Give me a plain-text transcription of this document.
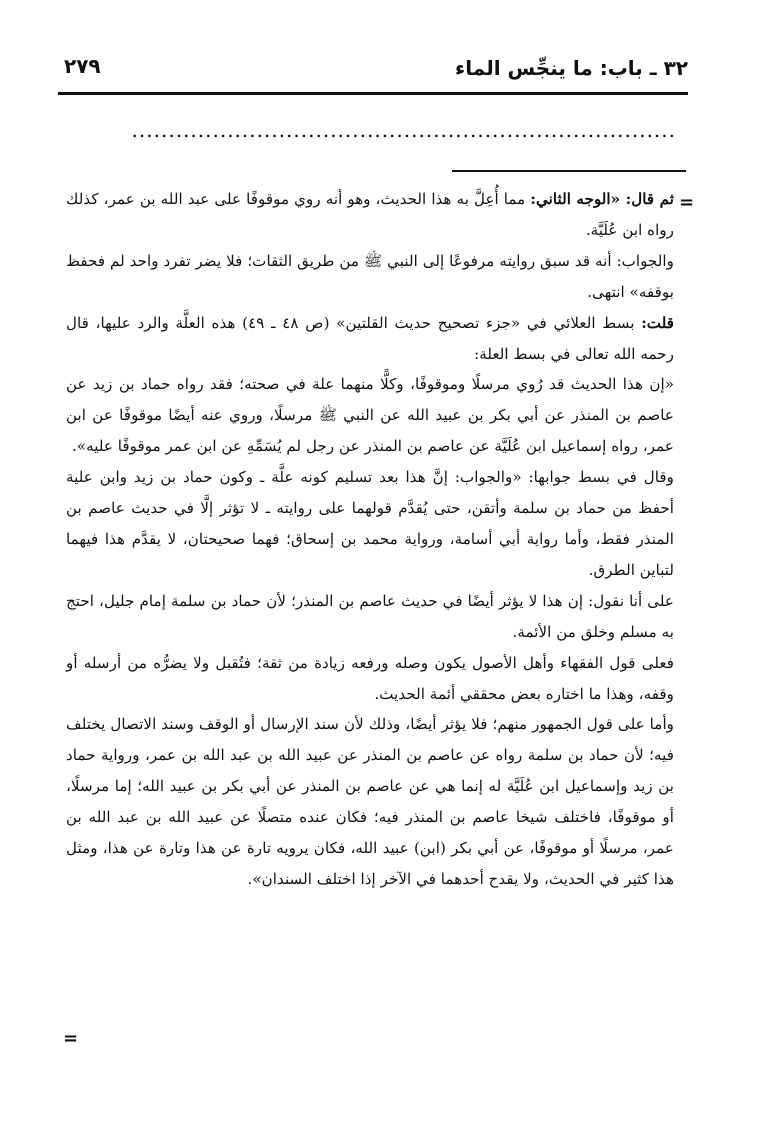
٣٢ ـ باب: ما ينجِّس الماء
٢٧٩
..........................................................................
=

ثم قال: «الوجه الثاني: مما أُعِلَّ به هذا الحديث، وهو أنه روي موقوفًا على عبد الله بن عمر، كذلك رواه ابن عُلَيَّة.

والجواب: أنه قد سبق روايته مرفوعًا إلى النبي ﷺ من طريق الثقات؛ فلا يضر تفرد واحد لم فحفظ بوقفه» انتهى.

قلت: بسط العلائي في «جزء تصحيح حديث القلتين» (ص ٤٨ ـ ٤٩) هذه العلَّة والرد عليها، قال رحمه الله تعالى في بسط العلة:

«إن هذا الحديث قد رُوي مرسلًا وموقوفًا، وكلًّا منهما علة في صحته؛ فقد رواه حماد بن زيد عن عاصم بن المنذر عن أبي بكر بن عبيد الله عن النبي ﷺ مرسلًا، وروي عنه أيضًا موقوفًا عن ابن عمر، رواه إسماعيل ابن عُلَيَّة عن عاصم بن المنذر عن رجل لم يُسَمِّهِ عن ابن عمر موقوفًا عليه».

وقال في بسط جوابها: «والجواب: إنَّ هذا بعد تسليم كونه علَّة ـ وكون حماد بن زيد وابن علية أحفظ من حماد بن سلمة وأتقن، حتى يُقدَّم قولهما على روايته ـ لا تؤثر إلَّا في حديث عاصم بن المنذر فقط، وأما رواية أبي أسامة، ورواية محمد بن إسحاق؛ فهما صحيحتان، لا يقدَّم هذا فيهما لتباين الطرق.

على أنا نقول: إن هذا لا يؤثر أيضًا في حديث عاصم بن المنذر؛ لأن حماد بن سلمة إمام جليل، احتج به مسلم وخلق من الأئمة.

فعلى قول الفقهاء وأهل الأصول يكون وصله ورفعه زيادة من ثقة؛ فتُقبل ولا يضرُّه من أرسله أو وقفه، وهذا ما اختاره بعض محققي أئمة الحديث.

وأما على قول الجمهور منهم؛ فلا يؤثر أيضًا، وذلك لأن سند الإرسال أو الوقف وسند الاتصال يختلف فيه؛ لأن حماد بن سلمة رواه عن عاصم بن المنذر عن عبيد الله بن عبد الله بن عمر، ورواية حماد بن زيد وإسماعيل ابن عُلَيَّة له إنما هي عن عاصم بن المنذر عن أبي بكر بن عبيد الله؛ إما مرسلًا، أو موقوفًا، فاختلف شيخا عاصم بن المنذر فيه؛ فكان عنده متصلًا عن عبيد الله بن عبد الله بن عمر، مرسلًا أو موقوفًا، عن أبي بكر (ابن) عبيد الله، فكان يرويه تارة عن هذا وتارة عن هذا، ومثل هذا كثير في الحديث، ولا يقدح أحدهما في الآخر إذا اختلف السندان».

=
